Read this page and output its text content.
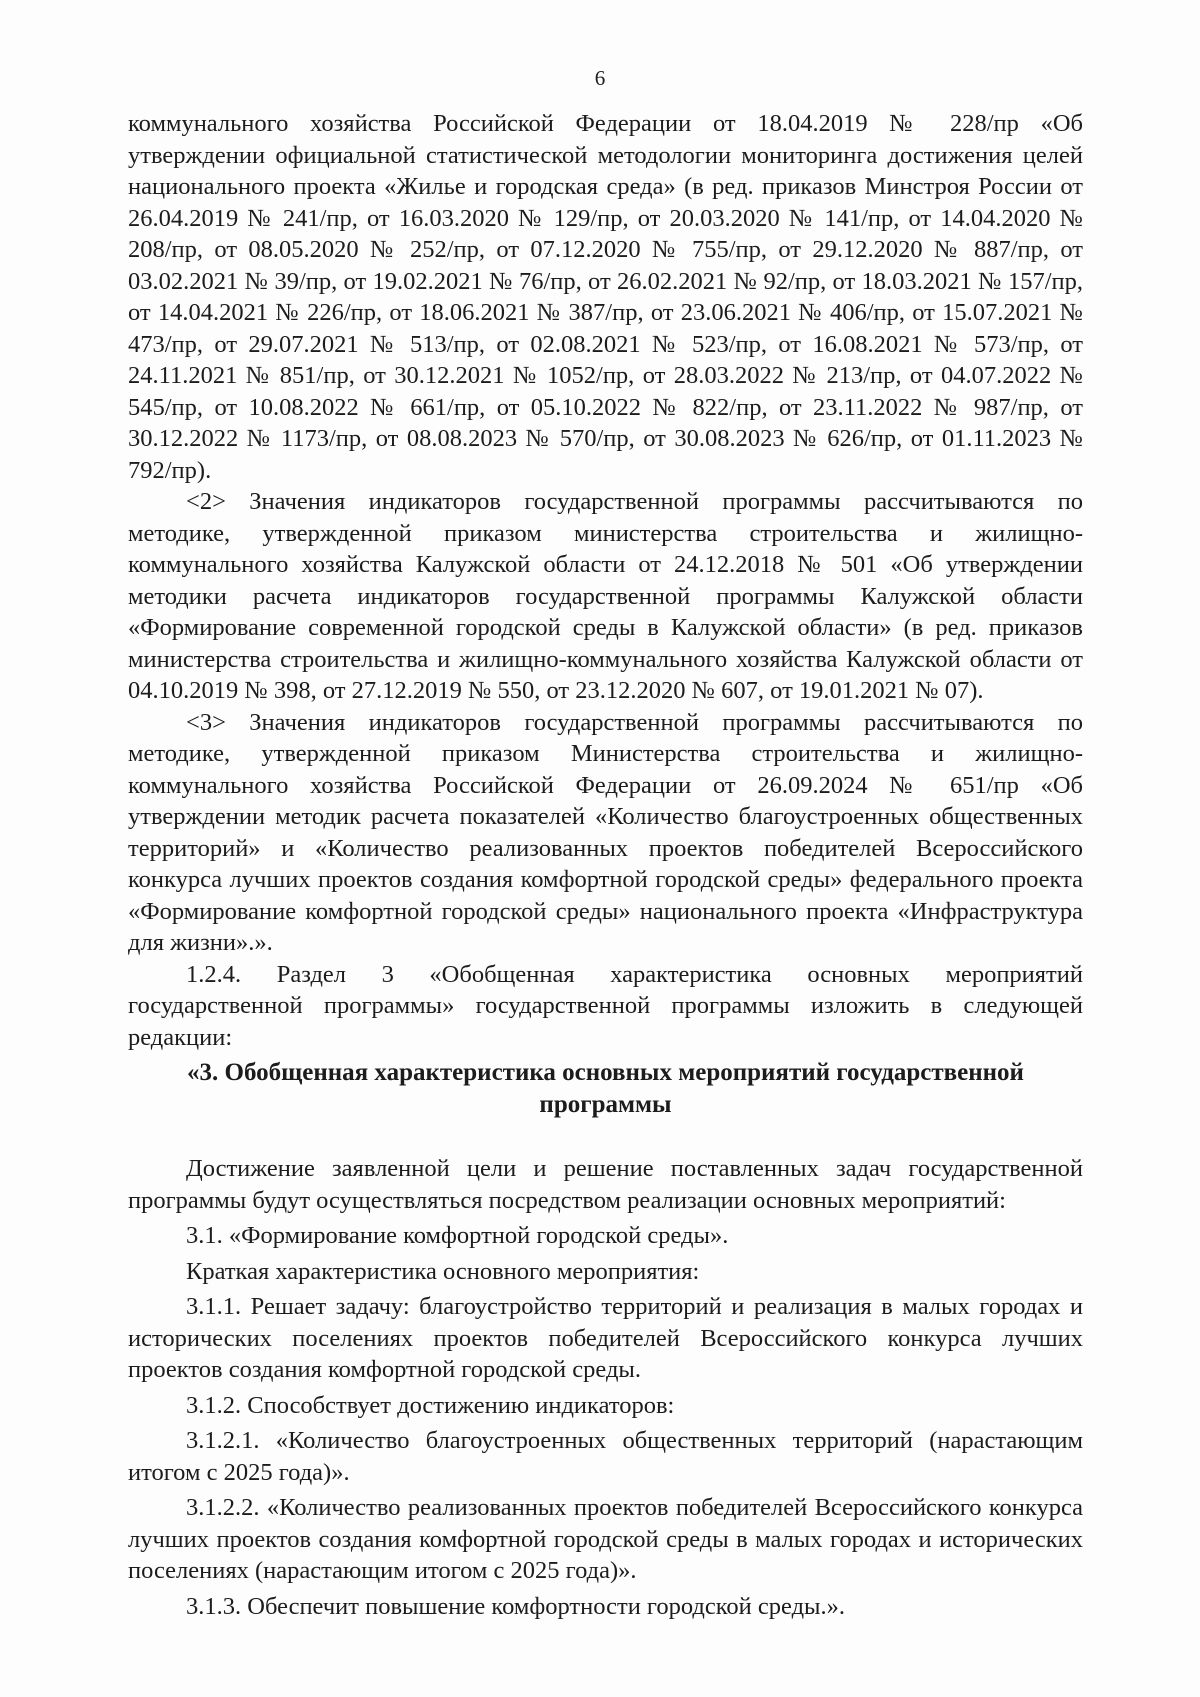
6

коммунального хозяйства Российской Федерации от 18.04.2019 № 228/пр «Об утверждении официальной статистической методологии мониторинга достижения целей национального проекта «Жилье и городская среда» (в ред. приказов Минстроя России от 26.04.2019 № 241/пр, от 16.03.2020 № 129/пр, от 20.03.2020 № 141/пр, от 14.04.2020 № 208/пр, от 08.05.2020 № 252/пр, от 07.12.2020 № 755/пр, от 29.12.2020 № 887/пр, от 03.02.2021 № 39/пр, от 19.02.2021 № 76/пр, от 26.02.2021 № 92/пр, от 18.03.2021 № 157/пр, от 14.04.2021 № 226/пр, от 18.06.2021 № 387/пр, от 23.06.2021 № 406/пр, от 15.07.2021 № 473/пр, от 29.07.2021 № 513/пр, от 02.08.2021 № 523/пр, от 16.08.2021 № 573/пр, от 24.11.2021 № 851/пр, от 30.12.2021 № 1052/пр, от 28.03.2022 № 213/пр, от 04.07.2022 № 545/пр, от 10.08.2022 № 661/пр, от 05.10.2022 № 822/пр, от 23.11.2022 № 987/пр, от 30.12.2022 № 1173/пр, от 08.08.2023 № 570/пр, от 30.08.2023 № 626/пр, от 01.11.2023 № 792/пр).

<2> Значения индикаторов государственной программы рассчитываются по методике, утвержденной приказом министерства строительства и жилищно-коммунального хозяйства Калужской области от 24.12.2018 № 501 «Об утверждении методики расчета индикаторов государственной программы Калужской области «Формирование современной городской среды в Калужской области» (в ред. приказов министерства строительства и жилищно-коммунального хозяйства Калужской области от 04.10.2019 № 398, от 27.12.2019 № 550, от 23.12.2020 № 607, от 19.01.2021 № 07).

<3> Значения индикаторов государственной программы рассчитываются по методике, утвержденной приказом Министерства строительства и жилищно-коммунального хозяйства Российской Федерации от 26.09.2024 № 651/пр «Об утверждении методик расчета показателей «Количество благоустроенных общественных территорий» и «Количество реализованных проектов победителей Всероссийского конкурса лучших проектов создания комфортной городской среды» федерального проекта «Формирование комфортной городской среды» национального проекта «Инфраструктура для жизни».».

1.2.4. Раздел 3 «Обобщенная характеристика основных мероприятий государственной программы» государственной программы изложить в следующей редакции:

«3. Обобщенная характеристика основных мероприятий государственной программы

Достижение заявленной цели и решение поставленных задач государственной программы будут осуществляться посредством реализации основных мероприятий:

3.1. «Формирование комфортной городской среды».

Краткая характеристика основного мероприятия:

3.1.1. Решает задачу: благоустройство территорий и реализация в малых городах и исторических поселениях проектов победителей Всероссийского конкурса лучших проектов создания комфортной городской среды.

3.1.2. Способствует достижению индикаторов:

3.1.2.1. «Количество благоустроенных общественных территорий (нарастающим итогом с 2025 года)».

3.1.2.2. «Количество реализованных проектов победителей Всероссийского конкурса лучших проектов создания комфортной городской среды в малых городах и исторических поселениях (нарастающим итогом с 2025 года)».

3.1.3. Обеспечит повышение комфортности городской среды.».
